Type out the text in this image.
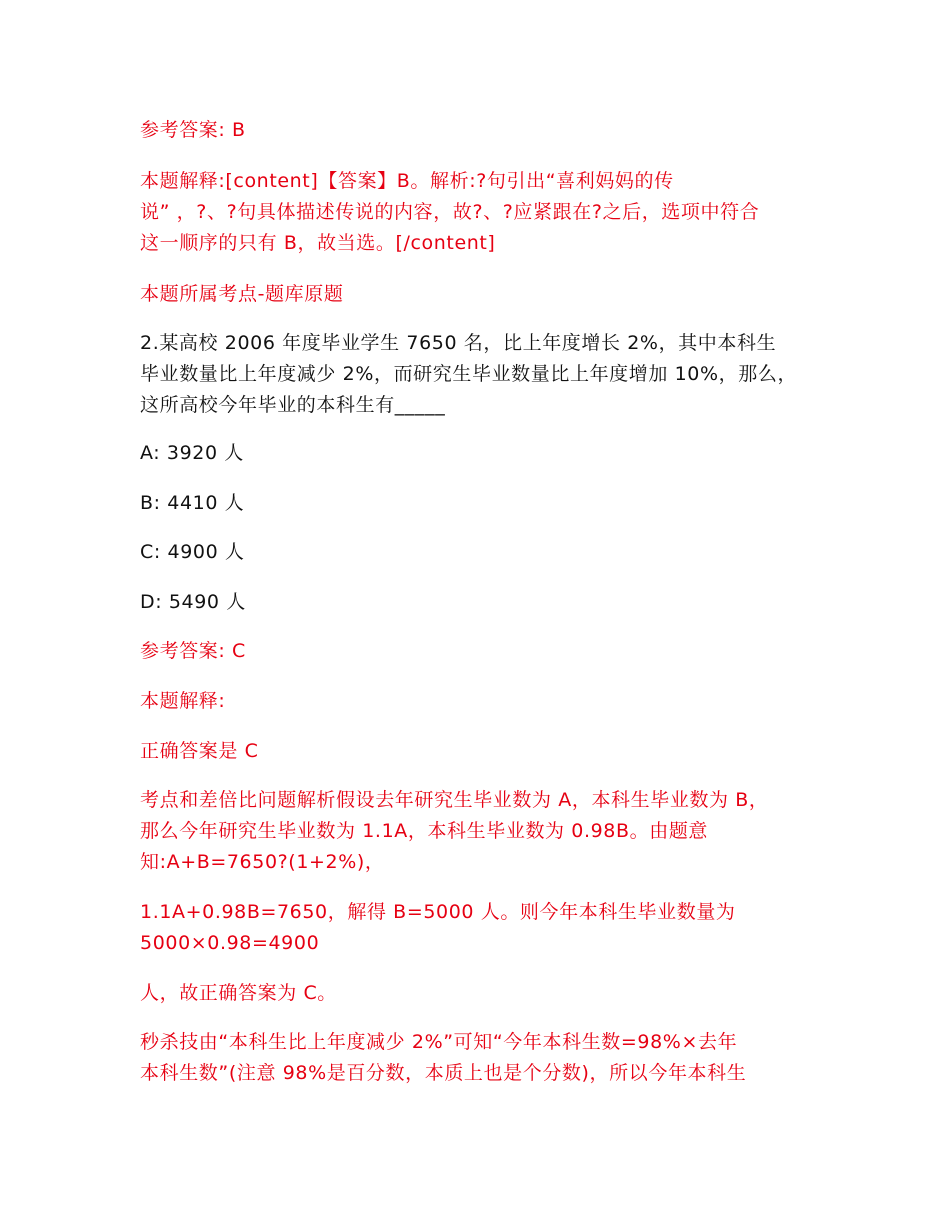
参考答案: B
本题解释:[content]【答案】B。解析:?句引出“喜利妈妈的传
说” ，?、?句具体描述传说的内容，故?、?应紧跟在?之后，选项中符合
这一顺序的只有 B，故当选。[/content]
本题所属考点-题库原题
2.某高校 2006 年度毕业学生 7650 名，比上年度增长 2%，其中本科生
毕业数量比上年度减少 2%，而研究生毕业数量比上年度增加 10%，那么，
这所高校今年毕业的本科生有_____
A: 3920 人
B: 4410 人
C: 4900 人
D: 5490 人
参考答案: C
本题解释:
正确答案是 C
考点和差倍比问题解析假设去年研究生毕业数为 A，本科生毕业数为 B，
那么今年研究生毕业数为 1.1A，本科生毕业数为 0.98B。由题意
知:A+B=7650?(1+2%)，
1.1A+0.98B=7650，解得 B=5000 人。则今年本科生毕业数量为
5000×0.98=4900
人，故正确答案为 C。
秒杀技由“本科生比上年度减少 2%”可知“今年本科生数=98%×去年
本科生数”(注意 98%是百分数，本质上也是个分数)，所以今年本科生
